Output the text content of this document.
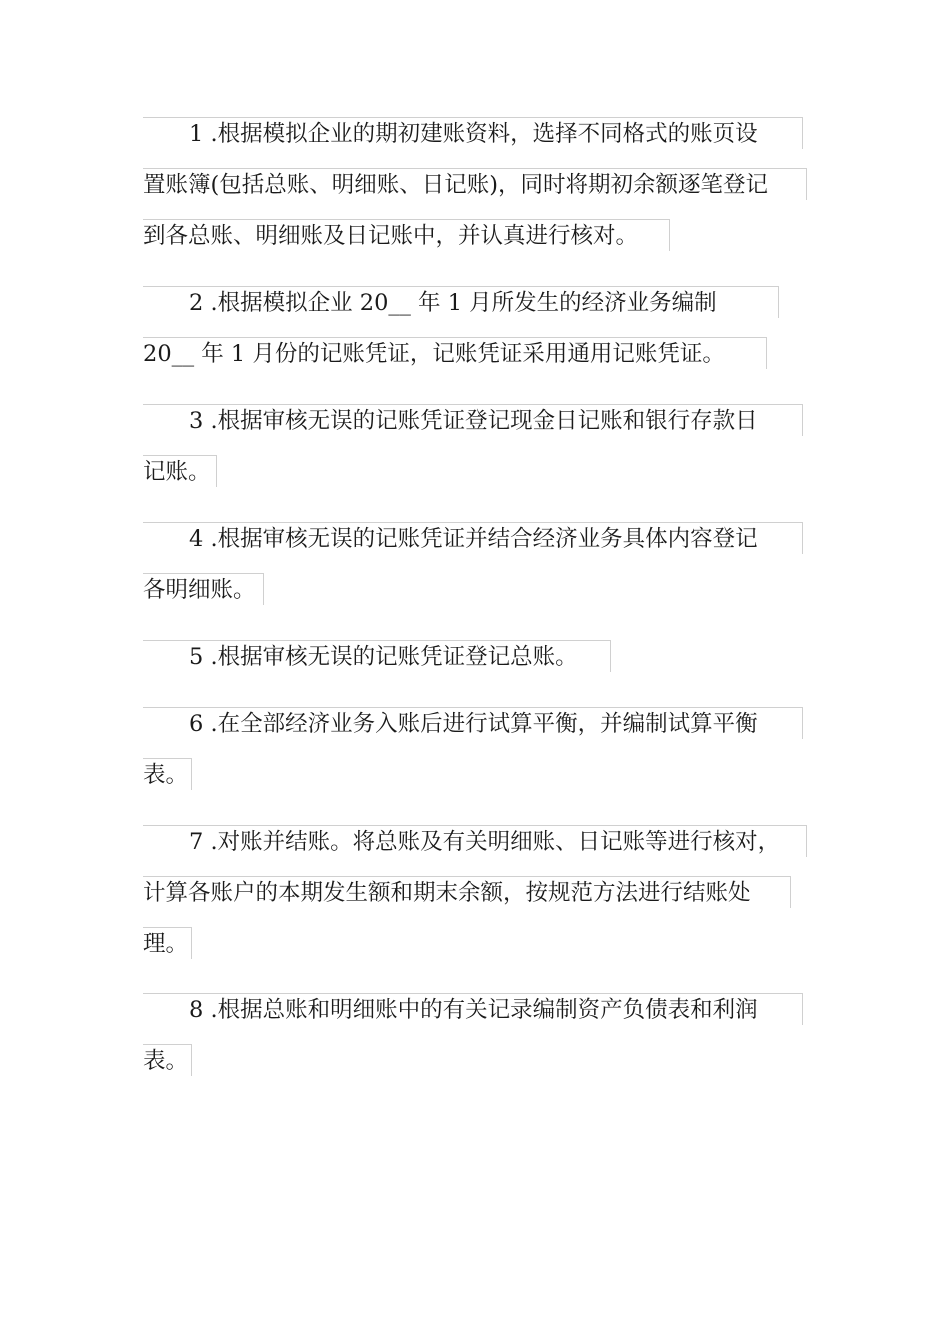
1 .根据模拟企业的期初建账资料，选择不同格式的账页设
置账簿(包括总账、明细账、日记账)，同时将期初余额逐笔登记
到各总账、明细账及日记账中，并认真进行核对。
2 .根据模拟企业 20__ 年 1 月所发生的经济业务编制
20__ 年 1 月份的记账凭证，记账凭证采用通用记账凭证。
3 .根据审核无误的记账凭证登记现金日记账和银行存款日
记账。
4 .根据审核无误的记账凭证并结合经济业务具体内容登记
各明细账。
5 .根据审核无误的记账凭证登记总账。
6 .在全部经济业务入账后进行试算平衡，并编制试算平衡
表。
7 .对账并结账。将总账及有关明细账、日记账等进行核对，
计算各账户的本期发生额和期末余额，按规范方法进行结账处
理。
8 .根据总账和明细账中的有关记录编制资产负债表和利润
表。
